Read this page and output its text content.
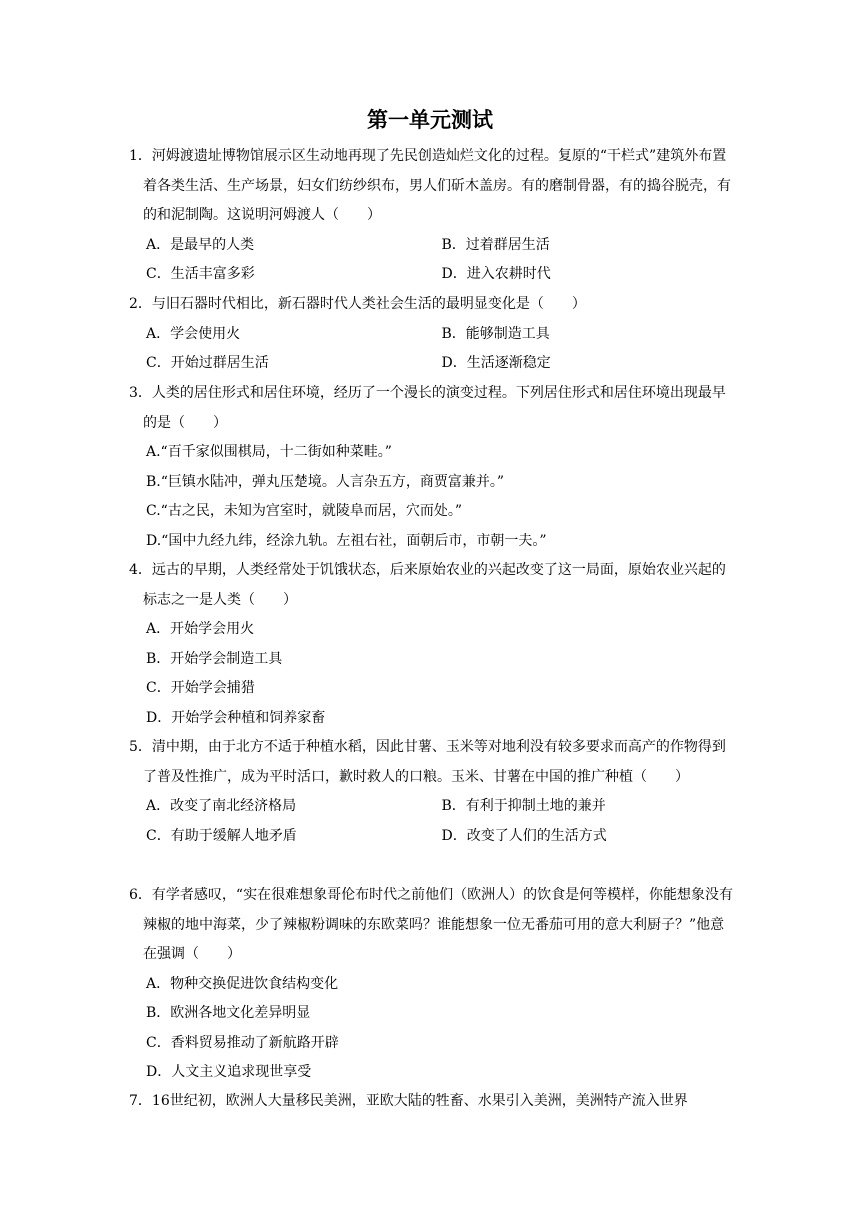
第一单元测试
1．河姆渡遗址博物馆展示区生动地再现了先民创造灿烂文化的过程。复原的“干栏式”建筑外布置着各类生活、生产场景，妇女们纺纱织布，男人们斫木盖房。有的磨制骨器，有的捣谷脱壳，有的和泥制陶。这说明河姆渡人（　　）
A．是最早的人类	B．过着群居生活
C．生活丰富多彩	D．进入农耕时代
2．与旧石器时代相比，新石器时代人类社会生活的最明显变化是（　　）
A．学会使用火	B．能够制造工具
C．开始过群居生活	D．生活逐渐稳定
3．人类的居住形式和居住环境，经历了一个漫长的演变过程。下列居住形式和居住环境出现最早的是（　　）
A.“百千家似围棋局，十二街如种菜畦。”
B.“巨镇水陆冲，弹丸压楚境。人言杂五方，商贾富兼并。”
C.“古之民，未知为宫室时，就陵阜而居，穴而处。”
D.“国中九经九纬，经涂九轨。左祖右社，面朝后市，市朝一夫。”
4．远古的早期，人类经常处于饥饿状态，后来原始农业的兴起改变了这一局面，原始农业兴起的标志之一是人类（　　）
A．开始学会用火
B．开始学会制造工具
C．开始学会捕猎
D．开始学会种植和饲养家畜
5．清中期，由于北方不适于种植水稻，因此甘薯、玉米等对地利没有较多要求而高产的作物得到了普及性推广，成为平时活口，歉时救人的口粮。玉米、甘薯在中国的推广种植（　　）
A．改变了南北经济格局	B．有利于抑制土地的兼并
C．有助于缓解人地矛盾	D．改变了人们的生活方式
6．有学者感叹，“实在很难想象哥伦布时代之前他们（欧洲人）的饮食是何等模样，你能想象没有辣椒的地中海菜，少了辣椒粉调味的东欧菜吗？谁能想象一位无番茄可用的意大利厨子？”他意在强调（　　）
A．物种交换促进饮食结构变化
B．欧洲各地文化差异明显
C．香料贸易推动了新航路开辟
D．人文主义追求现世享受
7．16世纪初，欧洲人大量移民美洲，亚欧大陆的牲畜、水果引入美洲，美洲特产流入世界
